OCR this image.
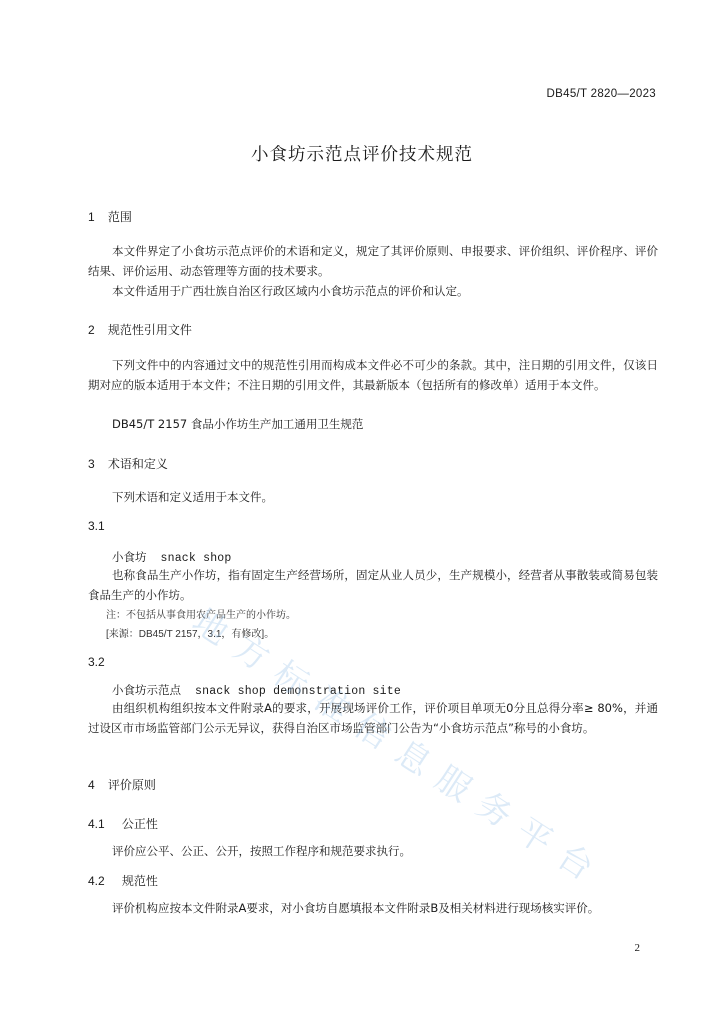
DB45/T 2820—2023
小食坊示范点评价技术规范
1 范围
本文件界定了小食坊示范点评价的术语和定义，规定了其评价原则、申报要求、评价组织、评价程序、评价结果、评价运用、动态管理等方面的技术要求。
本文件适用于广西壮族自治区行政区域内小食坊示范点的评价和认定。
2 规范性引用文件
下列文件中的内容通过文中的规范性引用而构成本文件必不可少的条款。其中，注日期的引用文件，仅该日期对应的版本适用于本文件；不注日期的引用文件，其最新版本（包括所有的修改单）适用于本文件。
DB45/T 2157 食品小作坊生产加工通用卫生规范
3 术语和定义
下列术语和定义适用于本文件。
3.1
小食坊 snack shop
也称食品生产小作坊，指有固定生产经营场所，固定从业人员少，生产规模小，经营者从事散装或简易包装食品生产的小作坊。
注：不包括从事食用农产品生产的小作坊。
[来源：DB45/T 2157，3.1，有修改]。
3.2
小食坊示范点 snack shop demonstration site
由组织机构组织按本文件附录A的要求，开展现场评价工作，评价项目单项无0分且总得分率≥ 80%，并通过设区市市场监管部门公示无异议，获得自治区市场监管部门公告为“小食坊示范点”称号的小食坊。
4 评价原则
4.1 公正性
评价应公平、公正、公开，按照工作程序和规范要求执行。
4.2 规范性
评价机构应按本文件附录A要求，对小食坊自愿填报本文件附录B及相关材料进行现场核实评价。
2
地
方
标
准
信
息
服
务
平
台
